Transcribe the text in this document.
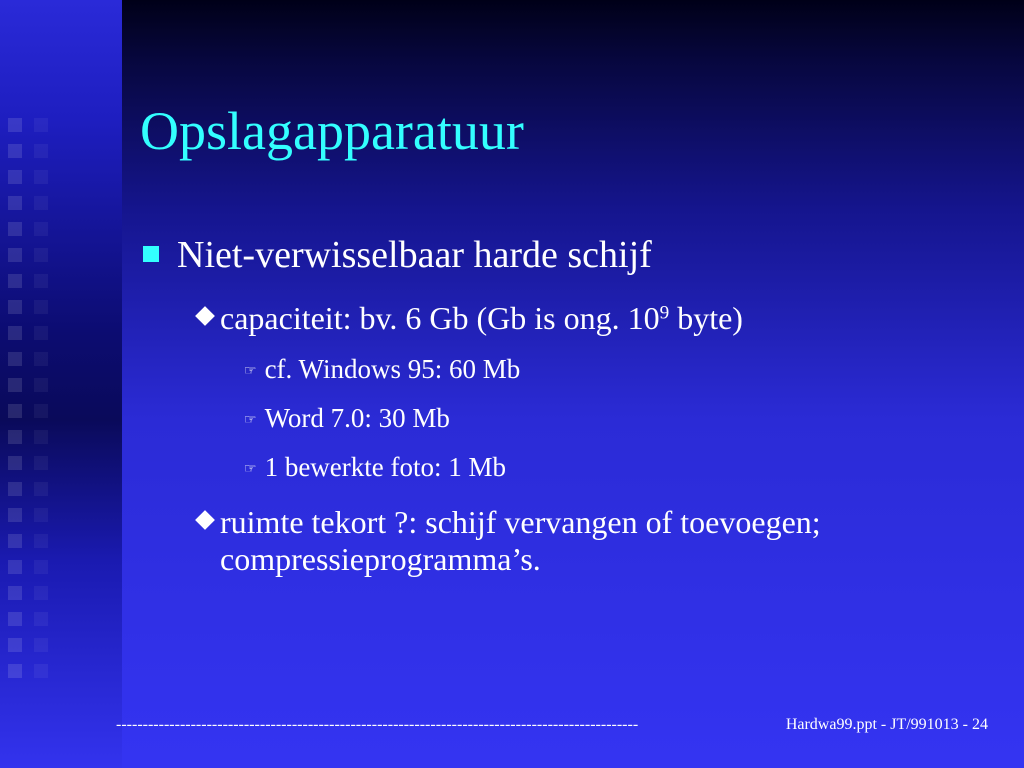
Opslagapparatuur
Niet-verwisselbaar harde schijf
capaciteit: bv. 6 Gb (Gb is ong. $10^9$ byte)
☞ cf. Windows 95: 60 Mb
☞ Word 7.0: 30 Mb
☞ 1 bewerkte foto: 1 Mb
ruimte tekort ?: schijf vervangen of toevoegen;
compressieprogramma’s.
--------------------------------------------------------------------------------------------------	Hardwa99.ppt - JT/991013 - 24
